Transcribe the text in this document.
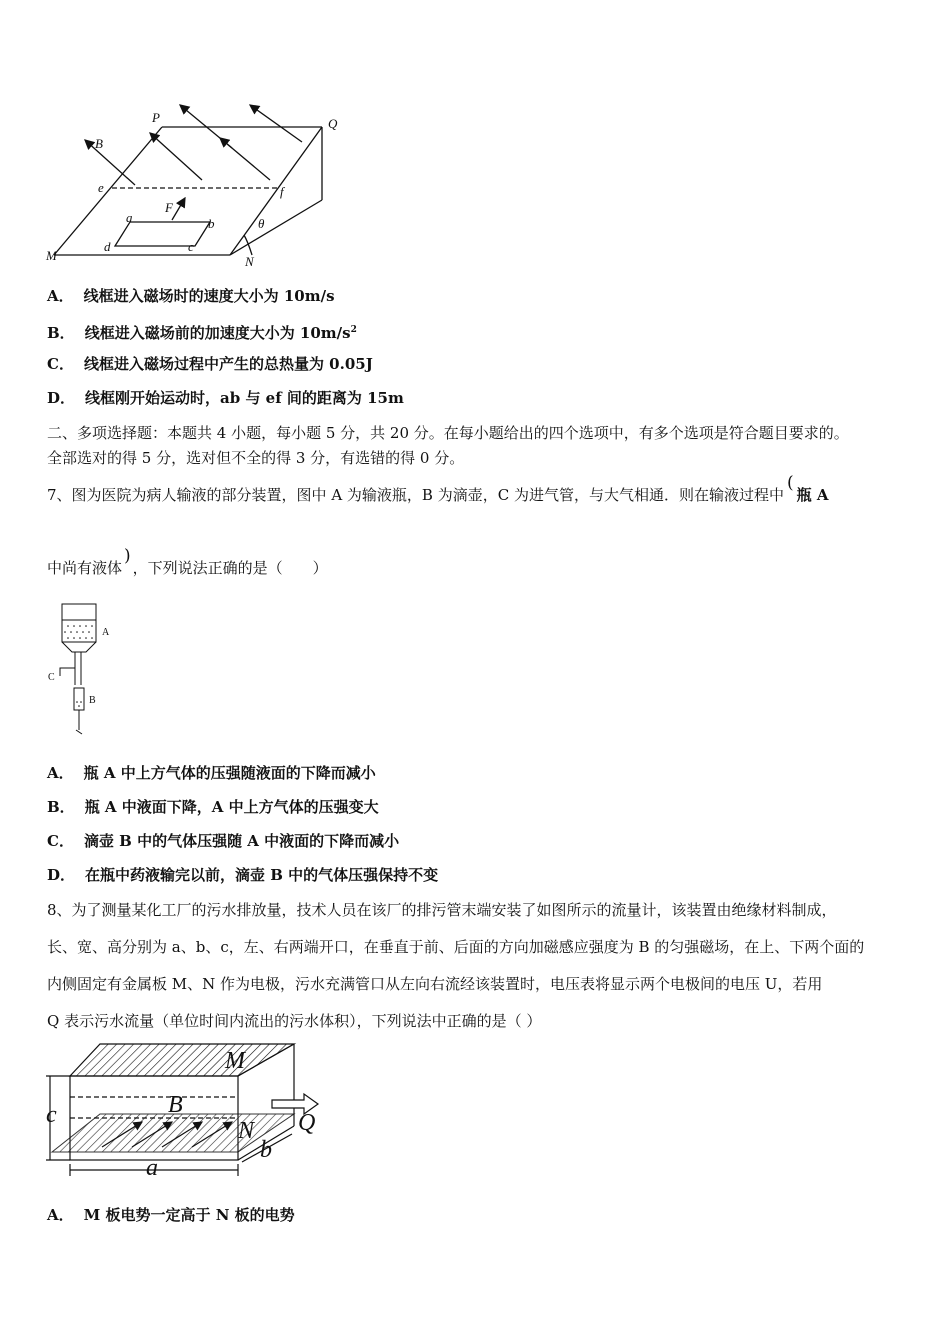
P	Q
B
e	f
F
a	b
c
d
θ
M	N
A． 线框进入磁场时的速度大小为 10m/s
B． 线框进入磁场前的加速度大小为 $10m/s^2$
C． 线框进入磁场过程中产生的总热量为 0.05J
D． 线框刚开始运动时，ab 与 ef 间的距离为 15m
二、多项选择题：本题共 4 小题，每小题 5 分，共 20 分。在每小题给出的四个选项中，有多个选项是符合题目要求的。
全部选对的得 5 分，选对但不全的得 3 分，有选错的得 0 分。
7、图为医院为病人输液的部分装置，图中 A 为输液瓶，B 为滴壶，C 为进气管，与大气相通．则在输液过程中(瓶 A
中尚有液体)，下列说法正确的是（　　）
A
C
B
A． 瓶 A 中上方气体的压强随液面的下降而减小
B． 瓶 A 中液面下降，A 中上方气体的压强变大
C． 滴壶 B 中的气体压强随 A 中液面的下降而减小
D． 在瓶中药液输完以前，滴壶 B 中的气体压强保持不变
8、为了测量某化工厂的污水排放量，技术人员在该厂的排污管末端安装了如图所示的流量计，该装置由绝缘材料制成，
长、宽、高分别为 a、b、c，左、右两端开口，在垂直于前、后面的方向加磁感应强度为 B 的匀强磁场，在上、下两个面的
内侧固定有金属板 M、N 作为电极，污水充满管口从左向右流经该装置时，电压表将显示两个电极间的电压 U，若用
Q 表示污水流量（单位时间内流出的污水体积），下列说法中正确的是（ ）
M
B
N Q
c
a
b
A． M 板电势一定高于 N 板的电势
